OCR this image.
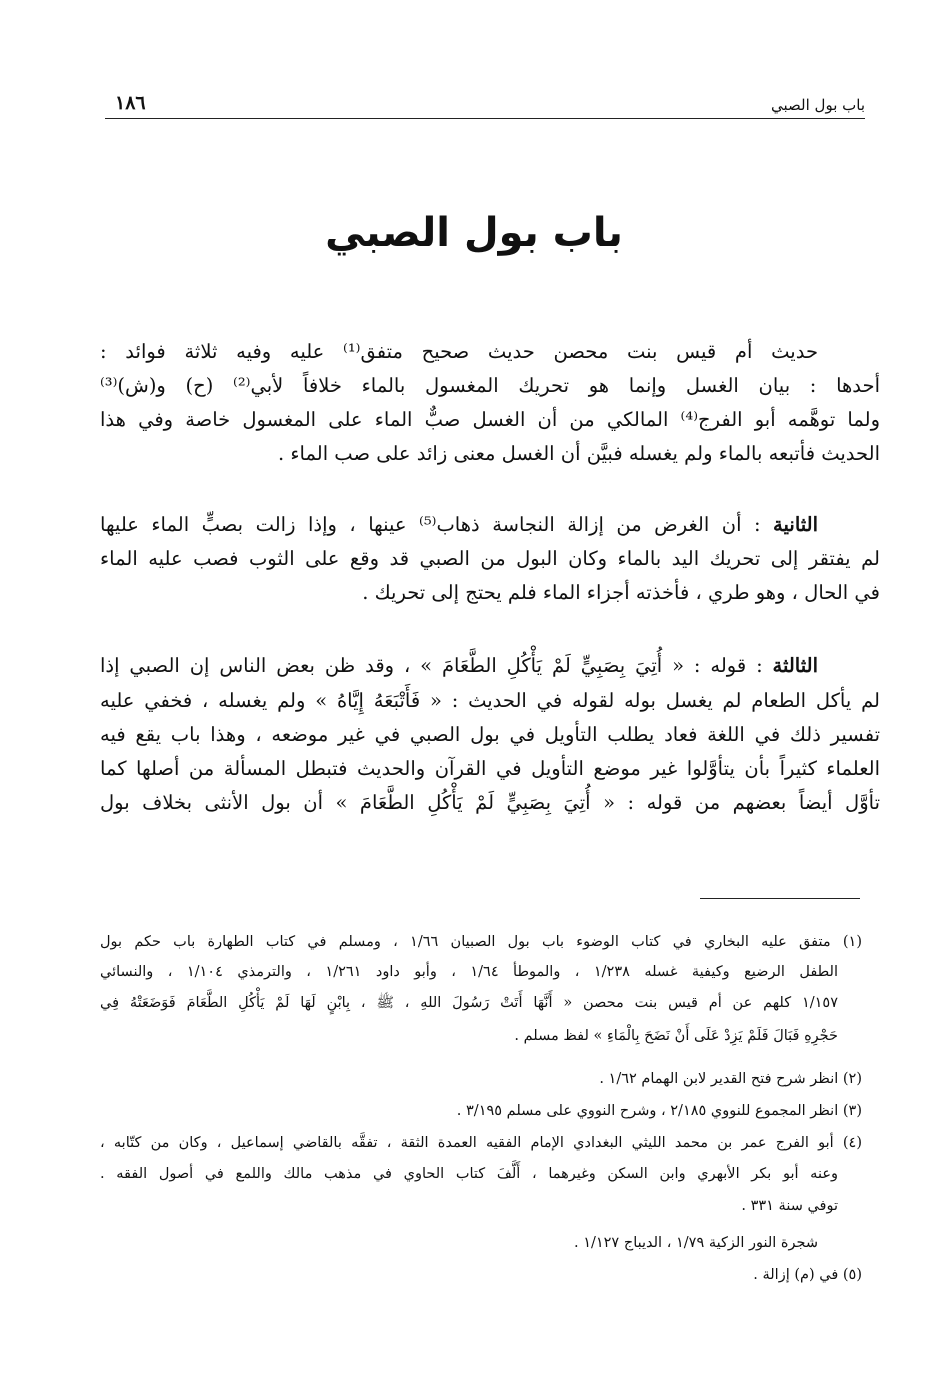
باب بول الصبي
١٨٦
باب بول الصبي
حديث أم قيس بنت محصن حديث صحيح متفق⁽¹⁾ عليه وفيه ثلاثة فوائد :
أحدها : بيان الغسل وإنما هو تحريك المغسول بالماء خلافاً لأبي⁽²⁾ (ح) و(ش)⁽³⁾
ولما توهَّمه أبو الفرج⁽⁴⁾ المالكي من أن الغسل صبٌّ الماء على المغسول خاصة وفي هذا
الحديث فأتبعه بالماء ولم يغسله فبيَّن أن الغسل معنى زائد على صب الماء .
الثانية : أن الغرض من إزالة النجاسة ذهاب⁽⁵⁾ عينها ، وإذا زالت بصبٍّ الماء عليها
لم يفتقر إلى تحريك اليد بالماء وكان البول من الصبي قد وقع على الثوب فصب عليه الماء
في الحال ، وهو طري ، فأخذته أجزاء الماء فلم يحتج إلى تحريك .
الثالثة : قوله : « أُتِيَ بِصَبِيٍّ لَمْ يَأْكُلِ الطَّعَامَ » ، وقد ظن بعض الناس إن الصبي إذا
لم يأكل الطعام لم يغسل بوله لقوله في الحديث : « فَأَتْبَعَهُ إِيَّاهُ » ولم يغسله ، فخفي عليه
تفسير ذلك في اللغة فعاد يطلب التأويل في بول الصبي في غير موضعه ، وهذا باب يقع فيه
العلماء كثيراً بأن يتأوَّلوا غير موضع التأويل في القرآن والحديث فتبطل المسألة من أصلها كما
تأوَّل أيضاً بعضهم من قوله : « أُتِيَ بِصَبِيٍّ لَمْ يَأْكُلِ الطَّعَامَ » أن بول الأنثى بخلاف بول
(١) متفق عليه البخاري في كتاب الوضوء باب بول الصبيان ١/٦٦ ، ومسلم في كتاب الطهارة باب حكم بول
الطفل الرضيع وكيفية غسله ١/٢٣٨ ، والموطأ ١/٦٤ ، وأبو داود ١/٢٦١ ، والترمذي ١/١٠٤ ، والنسائي
١/١٥٧ كلهم عن أم قيس بنت محصن « أَنَّهَا أَتَتْ رَسُولَ اللهِ ، ﷺ ، بِابْنٍ لَهَا لَمْ يَأْكُلِ الطَّعَامَ فَوَضَعَتْهُ فِي
حَجْرِهِ فَبَالَ فَلَمْ يَزِدْ عَلَى أَنْ نَضَحَ بِالْمَاءِ » لفظ مسلم .
(٢) انظر شرح فتح القدير لابن الهمام ١/٦٢ .
(٣) انظر المجموع للنووي ٢/١٨٥ ، وشرح النووي على مسلم ٣/١٩٥ .
(٤) أبو الفرج عمر بن محمد الليثي البغدادي الإمام الفقيه العمدة الثقة ، تفقَّه بالقاضي إسماعيل ، وكان من كتّابه ،
وعنه أبو بكر الأبهري وابن السكن وغيرهما ، أَلَّفَ كتاب الحاوي في مذهب مالك واللمع في أصول الفقه .
توفي سنة ٣٣١ .
شجرة النور الزكية ١/٧٩ ، الديباج ١/١٢٧ .
(٥) في (م) إزالة .
